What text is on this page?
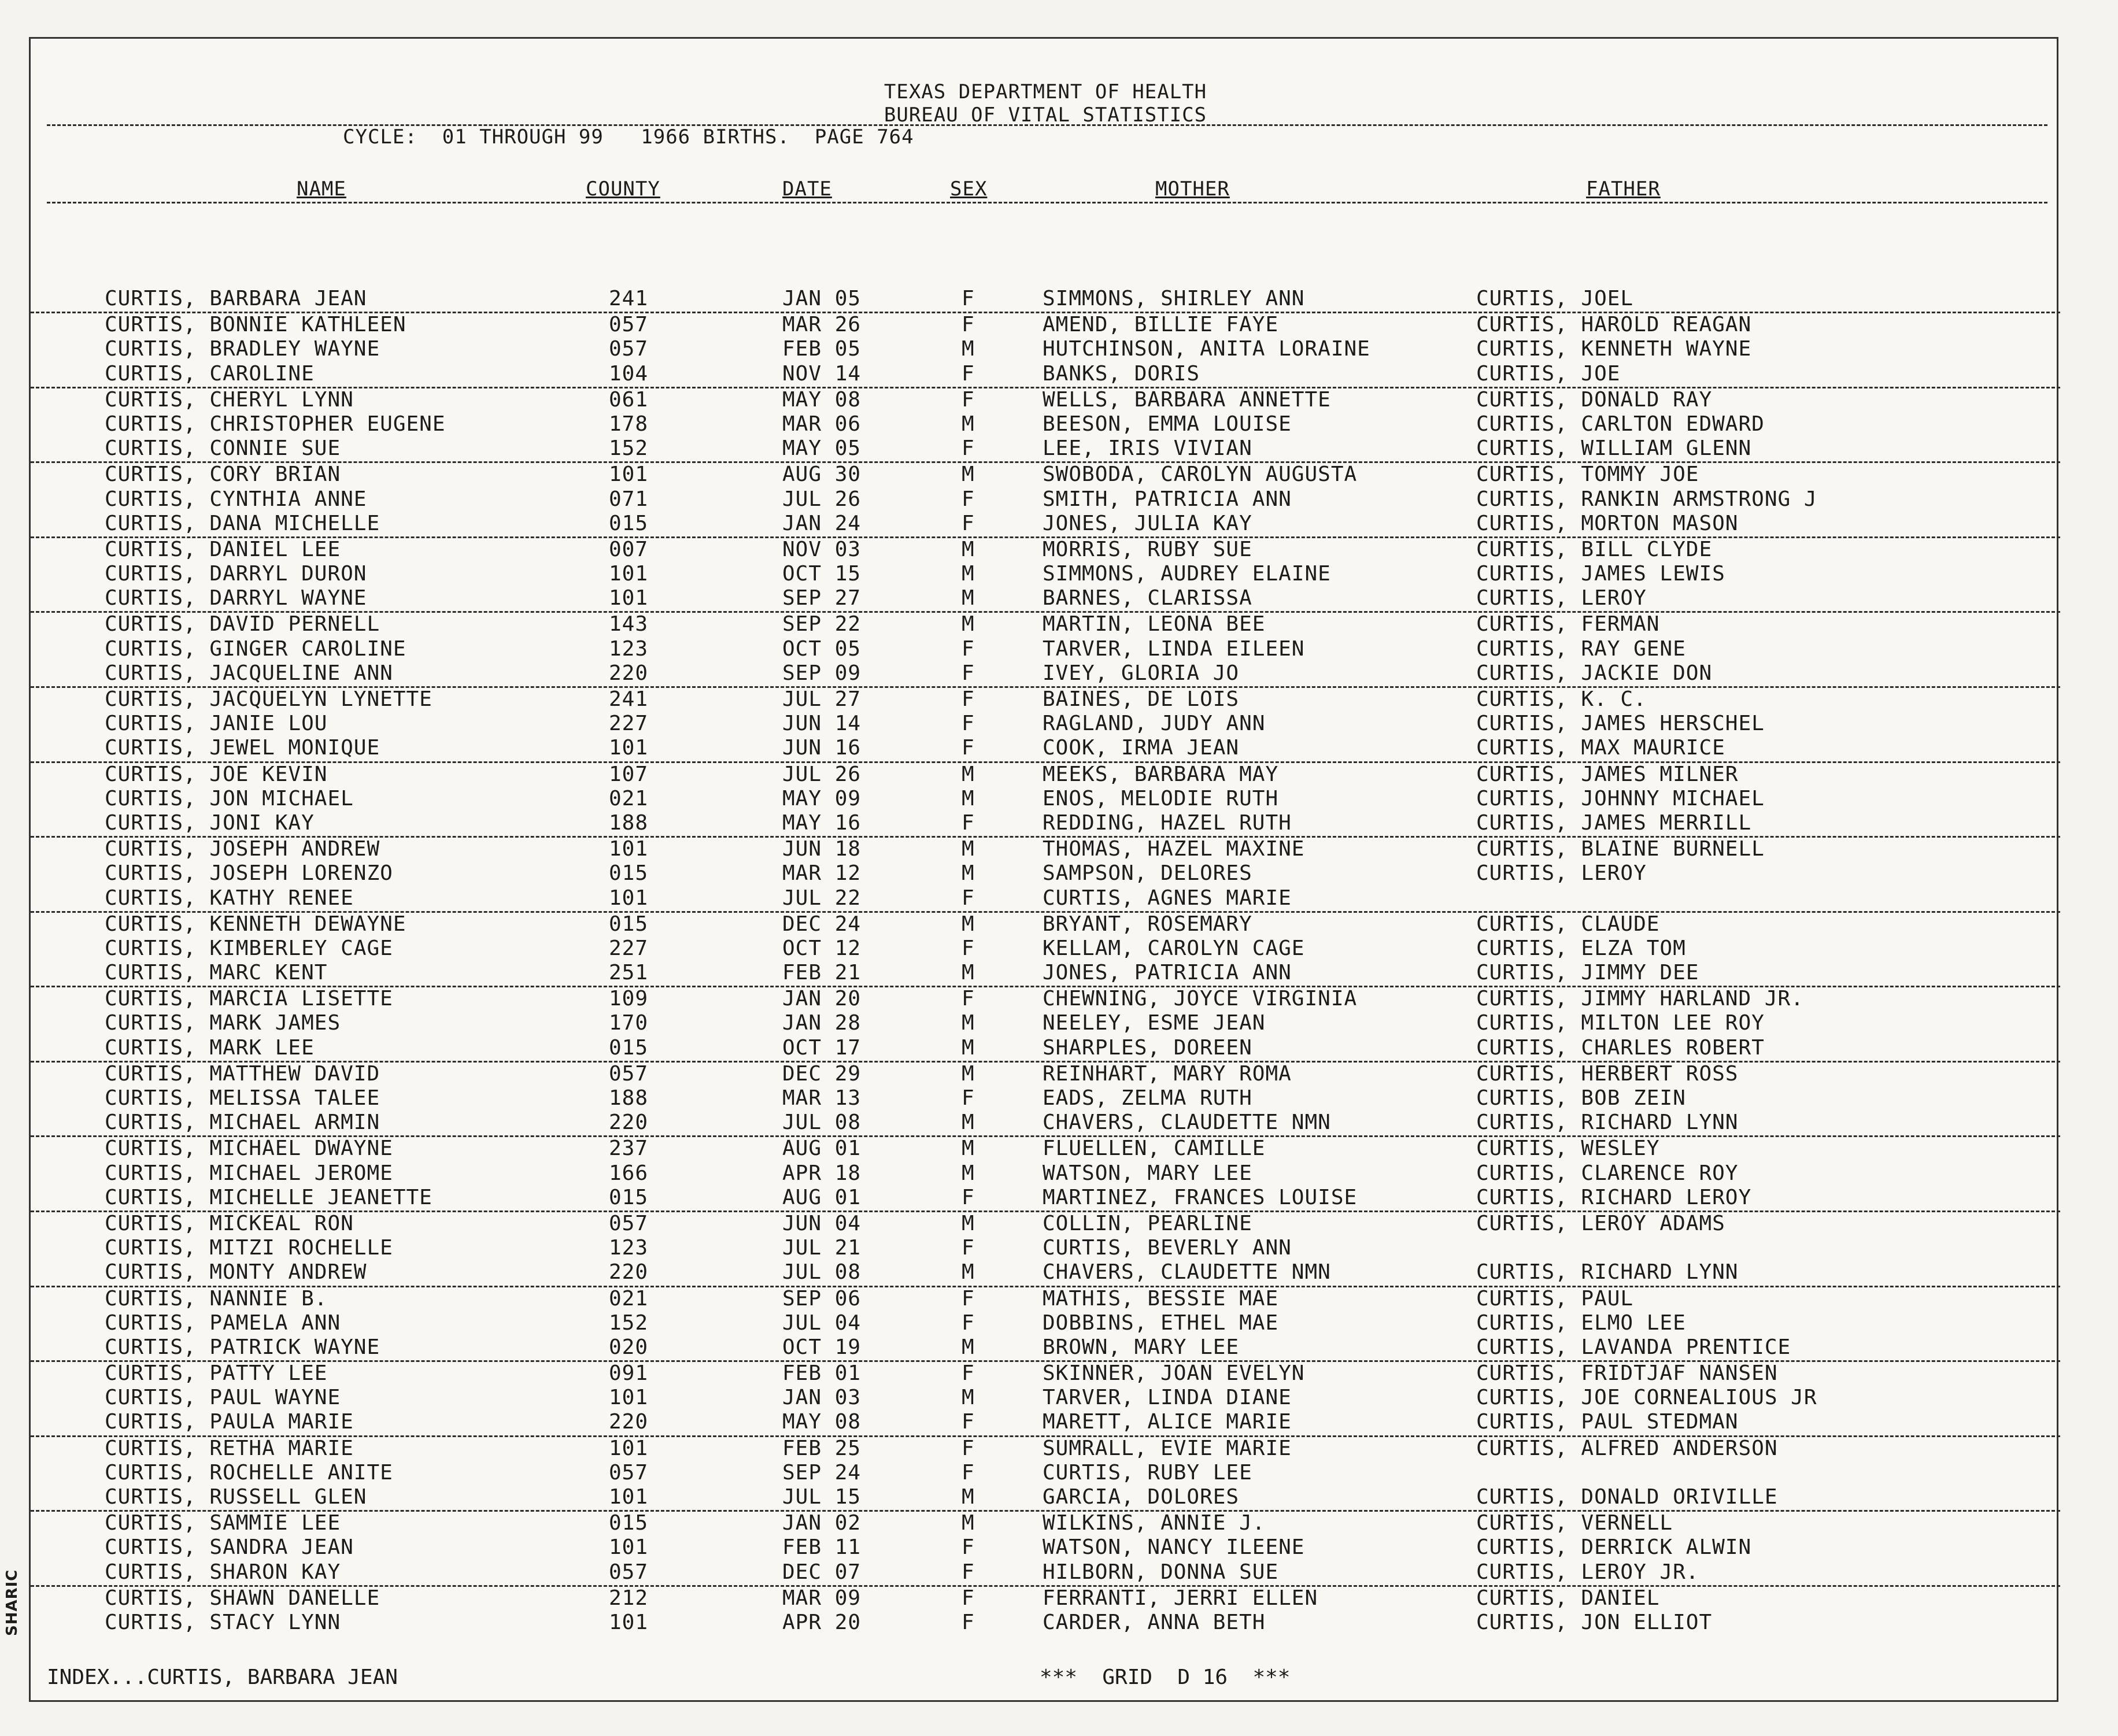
SHARIC
TEXAS DEPARTMENT OF HEALTH
BUREAU OF VITAL STATISTICS
CYCLE:  01 THROUGH 99   1966 BIRTHS.  PAGE 764
NAME	COUNTY	DATE	SEX	MOTHER	FATHER
CURTIS, BARBARA JEAN	241	JAN 05	F	SIMMONS, SHIRLEY ANN	CURTIS, JOEL
CURTIS, BONNIE KATHLEEN	057	MAR 26	F	AMEND, BILLIE FAYE	CURTIS, HAROLD REAGAN
CURTIS, BRADLEY WAYNE	057	FEB 05	M	HUTCHINSON, ANITA LORAINE	CURTIS, KENNETH WAYNE
CURTIS, CAROLINE	104	NOV 14	F	BANKS, DORIS	CURTIS, JOE
CURTIS, CHERYL LYNN	061	MAY 08	F	WELLS, BARBARA ANNETTE	CURTIS, DONALD RAY
CURTIS, CHRISTOPHER EUGENE	178	MAR 06	M	BEESON, EMMA LOUISE	CURTIS, CARLTON EDWARD
CURTIS, CONNIE SUE	152	MAY 05	F	LEE, IRIS VIVIAN	CURTIS, WILLIAM GLENN
CURTIS, CORY BRIAN	101	AUG 30	M	SWOBODA, CAROLYN AUGUSTA	CURTIS, TOMMY JOE
CURTIS, CYNTHIA ANNE	071	JUL 26	F	SMITH, PATRICIA ANN	CURTIS, RANKIN ARMSTRONG J
CURTIS, DANA MICHELLE	015	JAN 24	F	JONES, JULIA KAY	CURTIS, MORTON MASON
CURTIS, DANIEL LEE	007	NOV 03	M	MORRIS, RUBY SUE	CURTIS, BILL CLYDE
CURTIS, DARRYL DURON	101	OCT 15	M	SIMMONS, AUDREY ELAINE	CURTIS, JAMES LEWIS
CURTIS, DARRYL WAYNE	101	SEP 27	M	BARNES, CLARISSA	CURTIS, LEROY
CURTIS, DAVID PERNELL	143	SEP 22	M	MARTIN, LEONA BEE	CURTIS, FERMAN
CURTIS, GINGER CAROLINE	123	OCT 05	F	TARVER, LINDA EILEEN	CURTIS, RAY GENE
CURTIS, JACQUELINE ANN	220	SEP 09	F	IVEY, GLORIA JO	CURTIS, JACKIE DON
CURTIS, JACQUELYN LYNETTE	241	JUL 27	F	BAINES, DE LOIS	CURTIS, K. C.
CURTIS, JANIE LOU	227	JUN 14	F	RAGLAND, JUDY ANN	CURTIS, JAMES HERSCHEL
CURTIS, JEWEL MONIQUE	101	JUN 16	F	COOK, IRMA JEAN	CURTIS, MAX MAURICE
CURTIS, JOE KEVIN	107	JUL 26	M	MEEKS, BARBARA MAY	CURTIS, JAMES MILNER
CURTIS, JON MICHAEL	021	MAY 09	M	ENOS, MELODIE RUTH	CURTIS, JOHNNY MICHAEL
CURTIS, JONI KAY	188	MAY 16	F	REDDING, HAZEL RUTH	CURTIS, JAMES MERRILL
CURTIS, JOSEPH ANDREW	101	JUN 18	M	THOMAS, HAZEL MAXINE	CURTIS, BLAINE BURNELL
CURTIS, JOSEPH LORENZO	015	MAR 12	M	SAMPSON, DELORES	CURTIS, LEROY
CURTIS, KATHY RENEE	101	JUL 22	F	CURTIS, AGNES MARIE
CURTIS, KENNETH DEWAYNE	015	DEC 24	M	BRYANT, ROSEMARY	CURTIS, CLAUDE
CURTIS, KIMBERLEY CAGE	227	OCT 12	F	KELLAM, CAROLYN CAGE	CURTIS, ELZA TOM
CURTIS, MARC KENT	251	FEB 21	M	JONES, PATRICIA ANN	CURTIS, JIMMY DEE
CURTIS, MARCIA LISETTE	109	JAN 20	F	CHEWNING, JOYCE VIRGINIA	CURTIS, JIMMY HARLAND JR.
CURTIS, MARK JAMES	170	JAN 28	M	NEELEY, ESME JEAN	CURTIS, MILTON LEE ROY
CURTIS, MARK LEE	015	OCT 17	M	SHARPLES, DOREEN	CURTIS, CHARLES ROBERT
CURTIS, MATTHEW DAVID	057	DEC 29	M	REINHART, MARY ROMA	CURTIS, HERBERT ROSS
CURTIS, MELISSA TALEE	188	MAR 13	F	EADS, ZELMA RUTH	CURTIS, BOB ZEIN
CURTIS, MICHAEL ARMIN	220	JUL 08	M	CHAVERS, CLAUDETTE NMN	CURTIS, RICHARD LYNN
CURTIS, MICHAEL DWAYNE	237	AUG 01	M	FLUELLEN, CAMILLE	CURTIS, WESLEY
CURTIS, MICHAEL JEROME	166	APR 18	M	WATSON, MARY LEE	CURTIS, CLARENCE ROY
CURTIS, MICHELLE JEANETTE	015	AUG 01	F	MARTINEZ, FRANCES LOUISE	CURTIS, RICHARD LEROY
CURTIS, MICKEAL RON	057	JUN 04	M	COLLIN, PEARLINE	CURTIS, LEROY ADAMS
CURTIS, MITZI ROCHELLE	123	JUL 21	F	CURTIS, BEVERLY ANN
CURTIS, MONTY ANDREW	220	JUL 08	M	CHAVERS, CLAUDETTE NMN	CURTIS, RICHARD LYNN
CURTIS, NANNIE B.	021	SEP 06	F	MATHIS, BESSIE MAE	CURTIS, PAUL
CURTIS, PAMELA ANN	152	JUL 04	F	DOBBINS, ETHEL MAE	CURTIS, ELMO LEE
CURTIS, PATRICK WAYNE	020	OCT 19	M	BROWN, MARY LEE	CURTIS, LAVANDA PRENTICE
CURTIS, PATTY LEE	091	FEB 01	F	SKINNER, JOAN EVELYN	CURTIS, FRIDTJAF NANSEN
CURTIS, PAUL WAYNE	101	JAN 03	M	TARVER, LINDA DIANE	CURTIS, JOE CORNEALIOUS JR
CURTIS, PAULA MARIE	220	MAY 08	F	MARETT, ALICE MARIE	CURTIS, PAUL STEDMAN
CURTIS, RETHA MARIE	101	FEB 25	F	SUMRALL, EVIE MARIE	CURTIS, ALFRED ANDERSON
CURTIS, ROCHELLE ANITE	057	SEP 24	F	CURTIS, RUBY LEE
CURTIS, RUSSELL GLEN	101	JUL 15	M	GARCIA, DOLORES	CURTIS, DONALD ORIVILLE
CURTIS, SAMMIE LEE	015	JAN 02	M	WILKINS, ANNIE J.	CURTIS, VERNELL
CURTIS, SANDRA JEAN	101	FEB 11	F	WATSON, NANCY ILEENE	CURTIS, DERRICK ALWIN
CURTIS, SHARON KAY	057	DEC 07	F	HILBORN, DONNA SUE	CURTIS, LEROY JR.
CURTIS, SHAWN DANELLE	212	MAR 09	F	FERRANTI, JERRI ELLEN	CURTIS, DANIEL
CURTIS, STACY LYNN	101	APR 20	F	CARDER, ANNA BETH	CURTIS, JON ELLIOT
INDEX...CURTIS, BARBARA JEAN	***  GRID  D 16  ***
